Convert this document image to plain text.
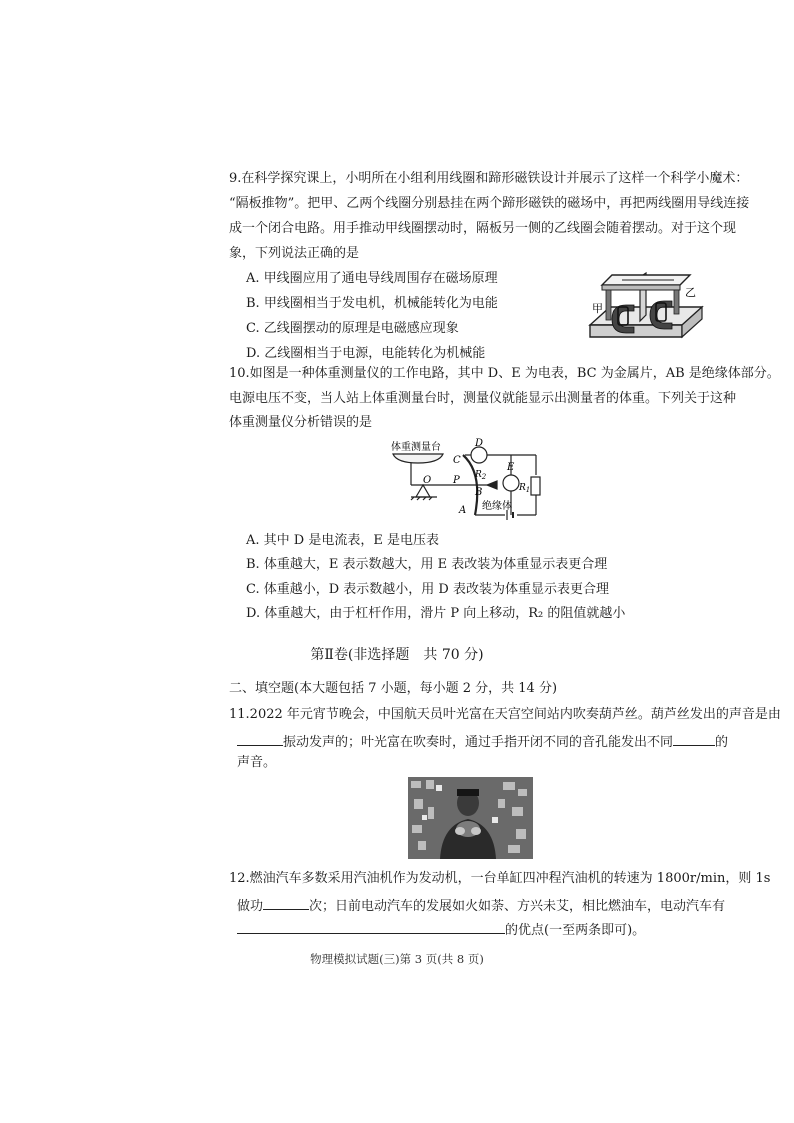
9.在科学探究课上，小明所在小组利用线圈和蹄形磁铁设计并展示了这样一个科学小魔术：
“隔板推物”。把甲、乙两个线圈分别悬挂在两个蹄形磁铁的磁场中，再把两线圈用导线连接
成一个闭合电路。用手推动甲线圈摆动时，隔板另一侧的乙线圈会随着摆动。对于这个现
象，下列说法正确的是
A. 甲线圈应用了通电导线周围存在磁场原理
B. 甲线圈相当于发电机，机械能转化为电能
C. 乙线圈摆动的原理是电磁感应现象
D. 乙线圈相当于电源，电能转化为机械能
甲
乙
10.如图是一种体重测量仪的工作电路，其中 D、E 为电表，BC 为金属片，AB 是绝缘体部分。
电源电压不变，当人站上体重测量台时，测量仪就能显示出测量者的体重。下列关于这种
体重测量仪分析错误的是
体重测量台	D
E
C
$R_2$
$R_1$
O P
B
A 绝缘体
A. 其中 D 是电流表，E 是电压表
B. 体重越大，E 表示数越大，用 E 表改装为体重显示表更合理
C. 体重越小，D 表示数越小，用 D 表改装为体重显示表更合理
D. 体重越大，由于杠杆作用，滑片 P 向上移动，R₂ 的阻值就越小
第Ⅱ卷(非选择题　共 70 分)
二、填空题(本大题包括 7 小题，每小题 2 分，共 14 分)
11.2022 年元宵节晚会，中国航天员叶光富在天宫空间站内吹奏葫芦丝。葫芦丝发出的声音是由
振动发声的；叶光富在吹奏时，通过手指开闭不同的音孔能发出不同	的
声音。
12.燃油汽车多数采用汽油机作为发动机，一台单缸四冲程汽油机的转速为 1800r/min，则 1s
做功	次；日前电动汽车的发展如火如荼、方兴未艾，相比燃油车，电动汽车有
的优点(一至两条即可)。
物理模拟试题(三)第 3 页(共 8 页)
